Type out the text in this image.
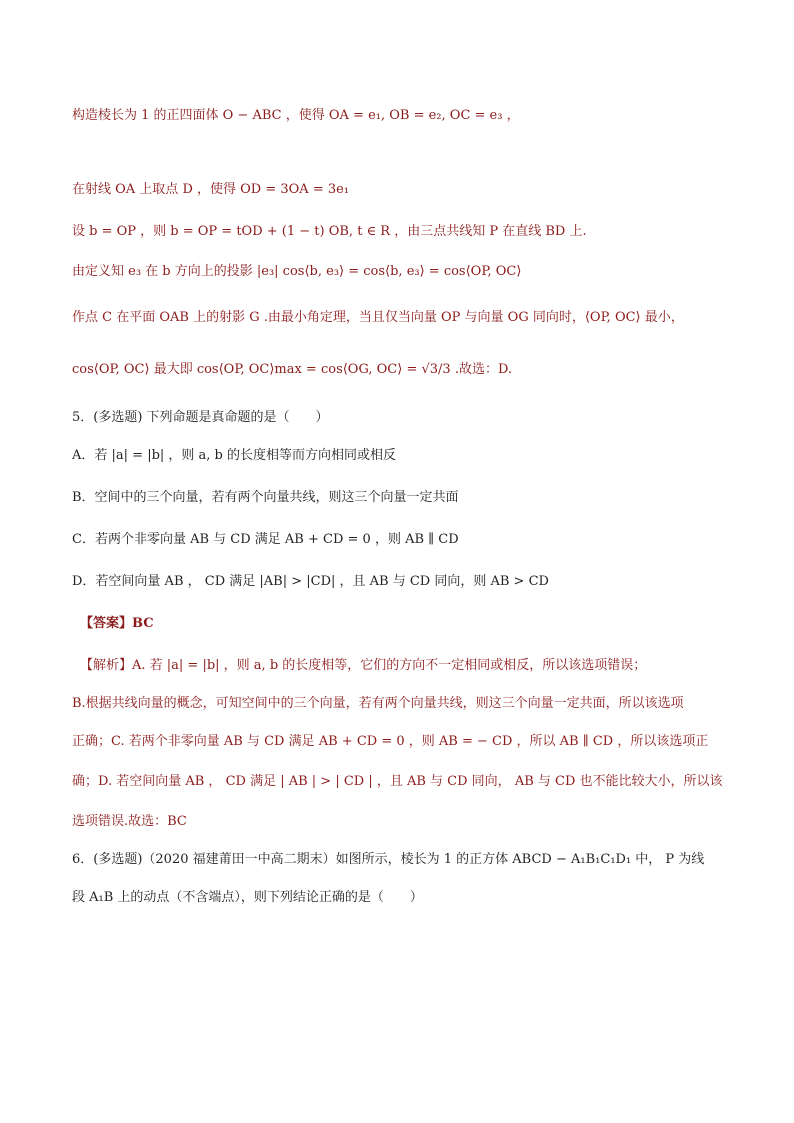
构造棱长为 1 的正四面体 O − ABC ，使得 OA = e₁, OB = e₂, OC = e₃ ，
在射线 OA 上取点 D ，使得 OD = 3OA = 3e₁
设 b = OP ，则 b = OP = tOD + (1 − t) OB, t ∈ R ，由三点共线知 P 在直线 BD 上.
由定义知 e₃ 在 b 方向上的投影 |e₃| cos⟨b, e₃⟩ = cos⟨b, e₃⟩ = cos⟨OP, OC⟩
作点 C 在平面 OAB 上的射影 G .由最小角定理，当且仅当向量 OP 与向量 OG 同向时，⟨OP, OC⟩ 最小，
cos⟨OP, OC⟩ 最大即 cos⟨OP, OC⟩max = cos⟨OG, OC⟩ = √3/3 .故选：D.
5．(多选题) 下列命题是真命题的是（　　）
A．若 |a| = |b| ，则 a, b 的长度相等而方向相同或相反
B．空间中的三个向量，若有两个向量共线，则这三个向量一定共面
C．若两个非零向量 AB 与 CD 满足 AB + CD = 0 ，则 AB ∥ CD
D．若空间向量 AB ， CD 满足 |AB| > |CD| ，且 AB 与 CD 同向，则 AB > CD
【答案】BC
【解析】A. 若 |a| = |b| ，则 a, b 的长度相等，它们的方向不一定相同或相反，所以该选项错误；
B.根据共线向量的概念，可知空间中的三个向量，若有两个向量共线，则这三个向量一定共面，所以该选项
正确；C. 若两个非零向量 AB 与 CD 满足 AB + CD = 0 ，则 AB = − CD ，所以 AB ∥ CD ，所以该选项正
确；D. 若空间向量 AB ， CD 满足 | AB | > | CD | ，且 AB 与 CD 同向， AB 与 CD 也不能比较大小，所以该
选项错误.故选：BC
6．(多选题)（2020 福建莆田一中高二期末）如图所示，棱长为 1 的正方体 ABCD − A₁B₁C₁D₁ 中， P 为线
段 A₁B 上的动点（不含端点），则下列结论正确的是（　　）
